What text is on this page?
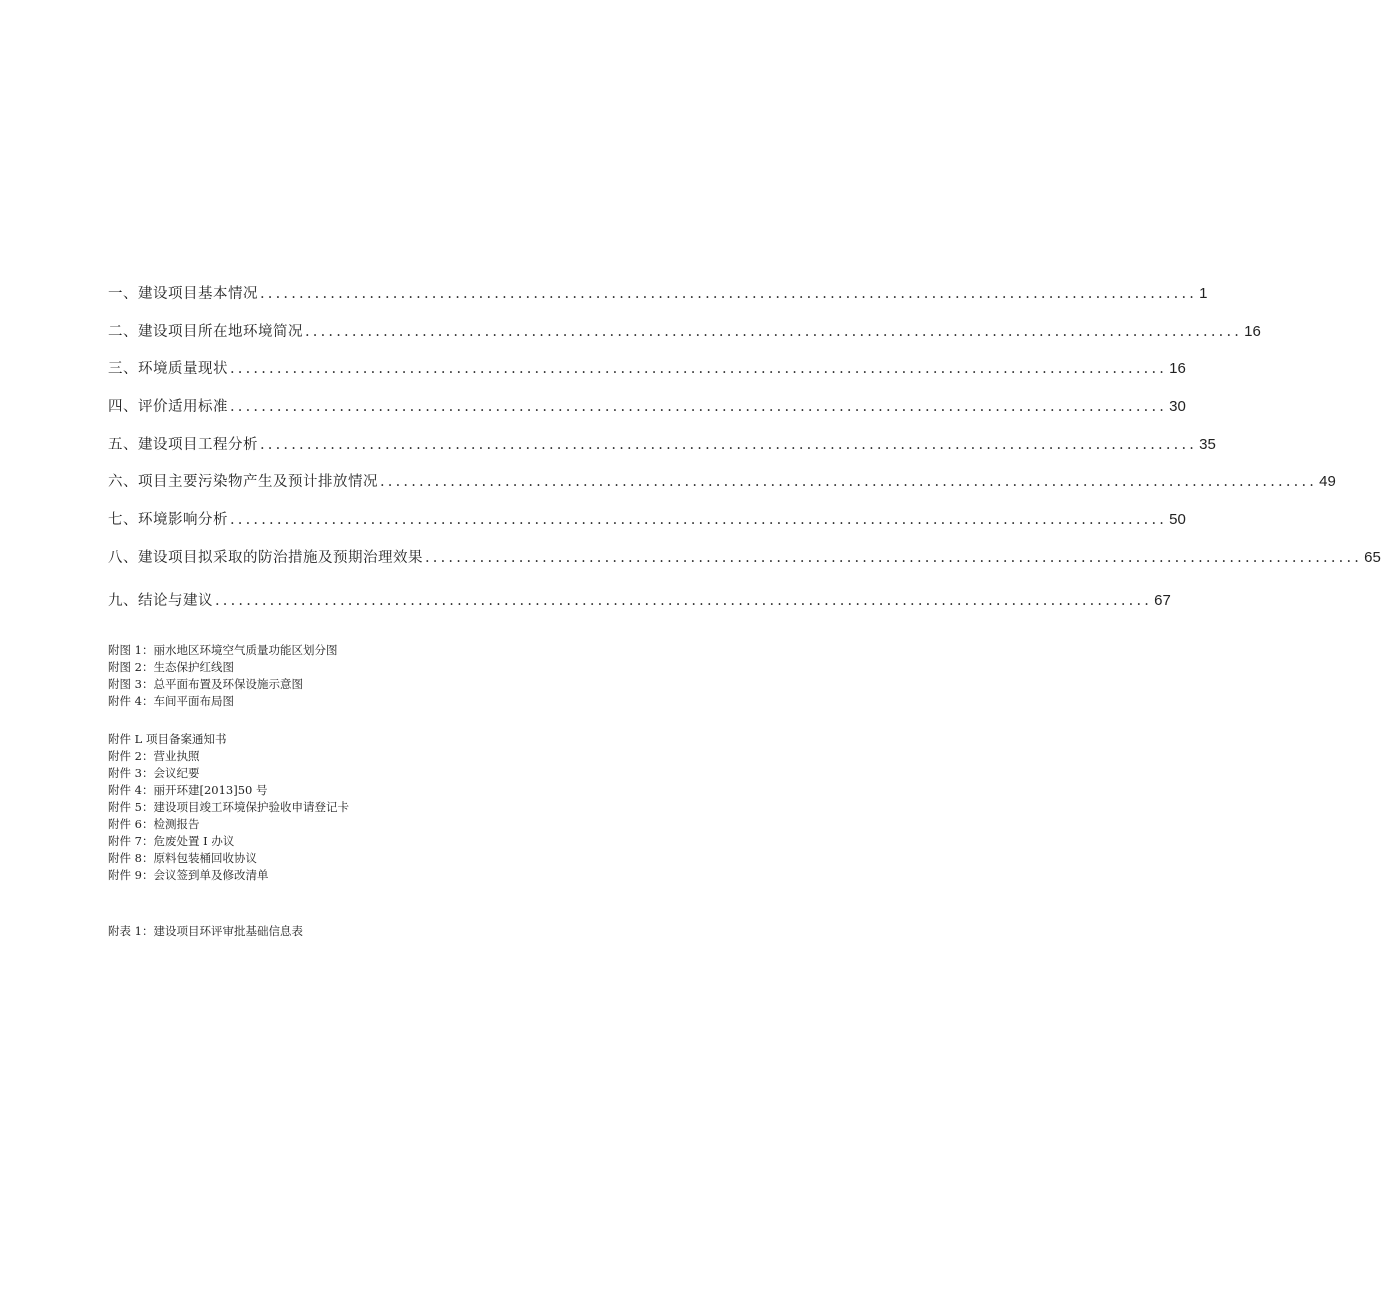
一、建设项目基本情况 ........................................................................................................................ 1
二、建设项目所在地环境简况 ........................................................................................................................ 16
三、环境质量现状 ........................................................................................................................ 16
四、评价适用标准 ........................................................................................................................ 30
五、建设项目工程分析 ........................................................................................................................ 35
六、项目主要污染物产生及预计排放情况 ........................................................................................................................ 49
七、环境影响分析 ........................................................................................................................ 50
八、建设项目拟采取的防治措施及预期治理效果 ........................................................................................................................ 65
九、结论与建议 ........................................................................................................................ 67
附图 1：丽水地区环境空气质量功能区划分图
附图 2：生态保护红线图
附图 3：总平面布置及环保设施示意图
附件 4：车间平面布局图
附件 L 项目备案通知书
附件 2：营业执照
附件 3：会议纪要
附件 4：丽开环建[2013]50 号
附件 5：建设项目竣工环境保护验收申请登记卡
附件 6：检测报告
附件 7：危废处置 I 办议
附件 8：原料包装桶回收协议
附件 9：会议签到单及修改清单
附表 1：建设项目环评审批基础信息表
